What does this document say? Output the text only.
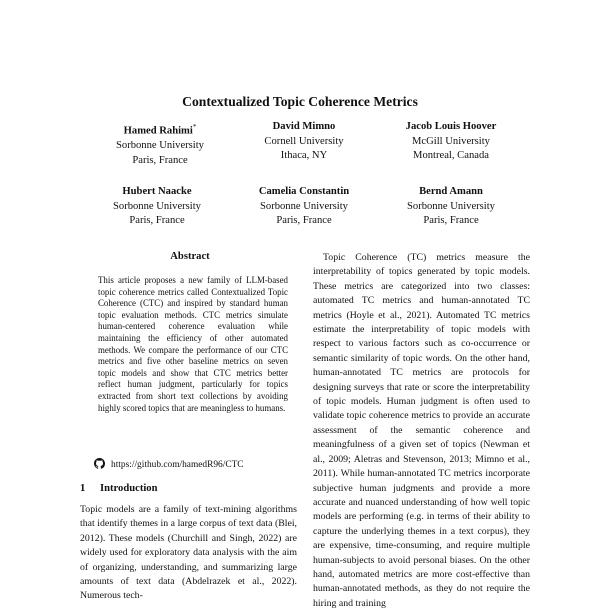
Contextualized Topic Coherence Metrics
Hamed Rahimi*
Sorbonne University
Paris, France
David Mimno
Cornell University
Ithaca, NY
Jacob Louis Hoover
McGill University
Montreal, Canada
Hubert Naacke
Sorbonne University
Paris, France
Camelia Constantin
Sorbonne University
Paris, France
Bernd Amann
Sorbonne University
Paris, France
Abstract

This article proposes a new family of LLM-based topic coherence metrics called Contextualized Topic Coherence (CTC) and inspired by standard human topic evaluation methods. CTC metrics simulate human-centered coherence evaluation while maintaining the efficiency of other automated methods. We compare the performance of our CTC metrics and five other baseline metrics on seven topic models and show that CTC metrics better reflect human judgment, particularly for topics extracted from short text collections by avoiding highly scored topics that are meaningless to humans.

https://github.com/hamedR96/CTC
1 Introduction

Topic models are a family of text-mining algorithms that identify themes in a large corpus of text data (Blei, 2012). These models (Churchill and Singh, 2022) are widely used for exploratory data analysis with the aim of organizing, understanding, and summarizing large amounts of text data (Abdelrazek et al., 2022). Numerous tech-

Topic Coherence (TC) metrics measure the interpretability of topics generated by topic models. These metrics are categorized into two classes: automated TC metrics and human-annotated TC metrics (Hoyle et al., 2021). Automated TC metrics estimate the interpretability of topic models with respect to various factors such as co-occurrence or semantic similarity of topic words. On the other hand, human-annotated TC metrics are protocols for designing surveys that rate or score the interpretability of topic models. Human judgment is often used to validate topic coherence metrics to provide an accurate assessment of the semantic coherence and meaningfulness of a given set of topics (Newman et al., 2009; Aletras and Stevenson, 2013; Mimno et al., 2011). While human-annotated TC metrics incorporate subjective human judgments and provide a more accurate and nuanced understanding of how well topic models are performing (e.g. in terms of their ability to capture the underlying themes in a text corpus), they are expensive, time-consuming, and require multiple human-subjects to avoid personal biases. On the other hand, automated metrics are more cost-effective than human-annotated methods, as they do not require the hiring and training
